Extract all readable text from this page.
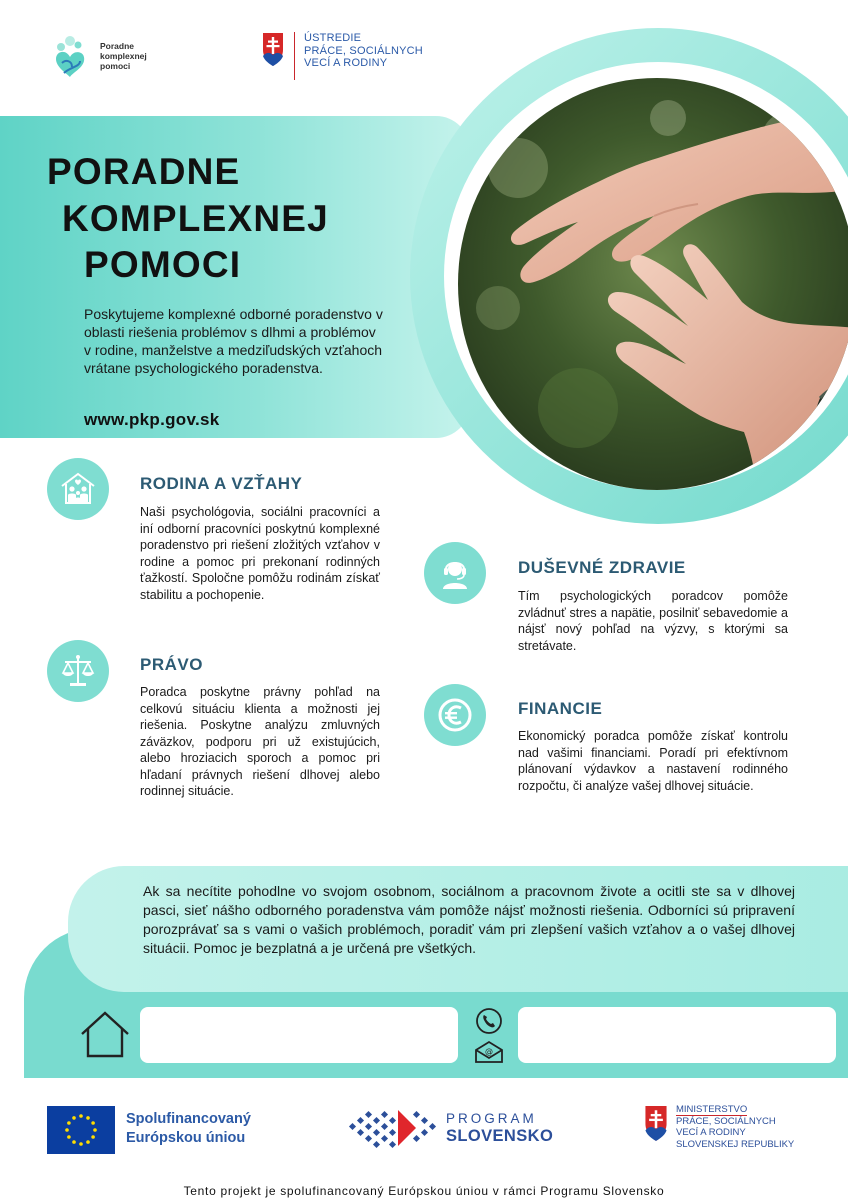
Poradne
komplexnej
pomoci
ÚSTREDIE
PRÁCE, SOCIÁLNYCH
VECÍ A RODINY
PORADNE
KOMPLEXNEJ
POMOCI
Poskytujeme komplexné odborné poradenstvo v oblasti riešenia problémov s dlhmi a problémov v rodine, manželstve a medziľudských vzťahoch vrátane psychologického poradenstva.
www.pkp.gov.sk
RODINA A VZŤAHY
Naši psychológovia, sociálni pracovníci a iní odborní pracovníci poskytnú komplexné poradenstvo pri riešení zložitých vzťahov v rodine a pomoc pri prekonaní rodinných ťažkostí. Spoločne pomôžu rodinám získať stabilitu a pochopenie.
PRÁVO
Poradca poskytne právny pohľad na celkovú situáciu klienta a možnosti jej riešenia. Poskytne analýzu zmluvných záväzkov, podporu pri už existujúcich, alebo hroziacich sporoch a pomoc pri hľadaní právnych riešení dlhovej alebo rodinnej situácie.
DUŠEVNÉ ZDRAVIE
Tím psychologických poradcov pomôže zvládnuť stres a napätie, posilniť sebavedomie a nájsť nový pohľad na výzvy, s ktorými sa stretávate.
FINANCIE
Ekonomický poradca pomôže získať kontrolu nad vašimi financiami. Poradí pri efektívnom plánovaní výdavkov a nastavení rodinného rozpočtu, či analýze vašej dlhovej situácie.
Ak sa necítite pohodlne vo svojom osobnom, sociálnom a pracovnom živote a ocitli ste sa v dlhovej pasci, sieť nášho odborného poradenstva vám pomôže nájsť možnosti riešenia. Odborníci sú pripravení porozprávať sa s vami o vašich problémoch, poradiť vám pri zlepšení vašich vzťahov a o vašej dlhovej situácii. Pomoc je bezplatná a je určená pre všetkých.
@
Spolufinancovaný
Európskou úniou
PROGRAM
SLOVENSKO
MINISTERSTVO
PRÁCE, SOCIÁLNYCH
VECÍ A RODINY
SLOVENSKEJ REPUBLIKY
Tento projekt je spolufinancovaný Európskou úniou v rámci Programu Slovensko
